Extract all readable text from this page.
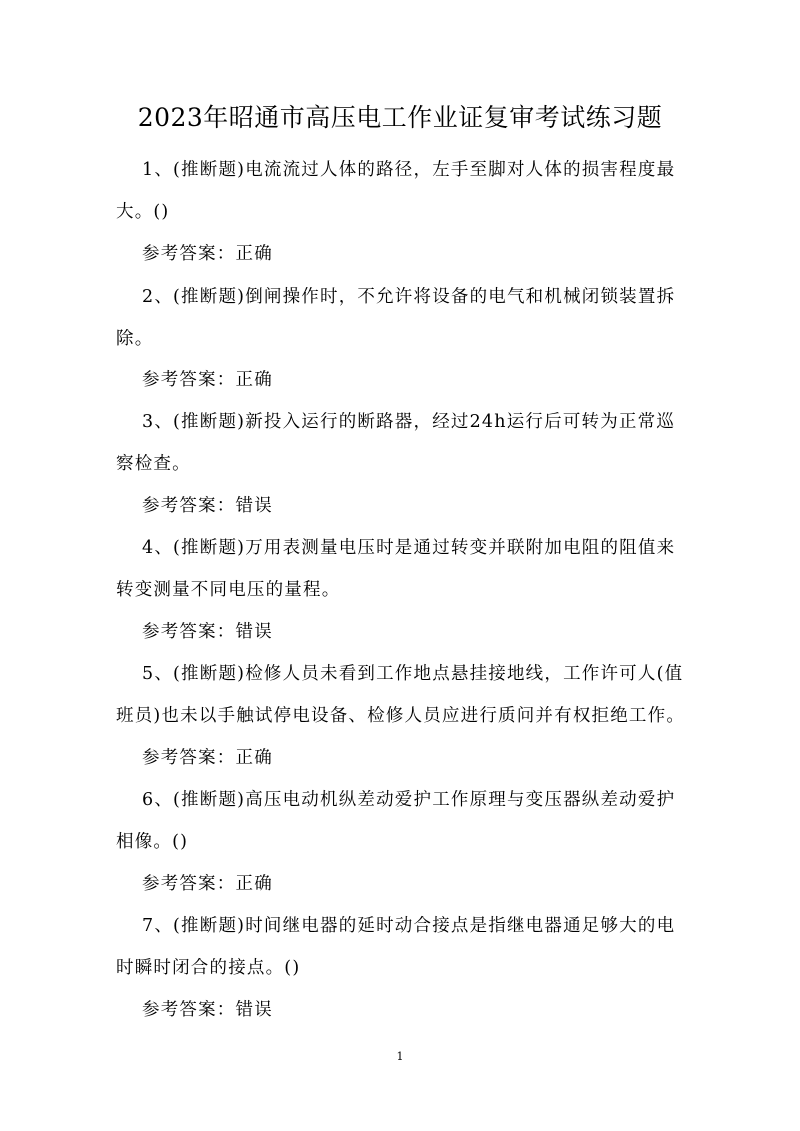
2023年昭通市高压电工作业证复审考试练习题
1、(推断题)电流流过人体的路径，左手至脚对人体的损害程度最
大。()
参考答案：正确
2、(推断题)倒闸操作时，不允许将设备的电气和机械闭锁装置拆
除。
参考答案：正确
3、(推断题)新投入运行的断路器，经过24h运行后可转为正常巡
察检查。
参考答案：错误
4、(推断题)万用表测量电压时是通过转变并联附加电阻的阻值来
转变测量不同电压的量程。
参考答案：错误
5、(推断题)检修人员未看到工作地点悬挂接地线，工作许可人(值
班员)也未以手触试停电设备、检修人员应进行质问并有权拒绝工作。
参考答案：正确
6、(推断题)高压电动机纵差动爱护工作原理与变压器纵差动爱护
相像。()
参考答案：正确
7、(推断题)时间继电器的延时动合接点是指继电器通足够大的电
时瞬时闭合的接点。()
参考答案：错误
1
